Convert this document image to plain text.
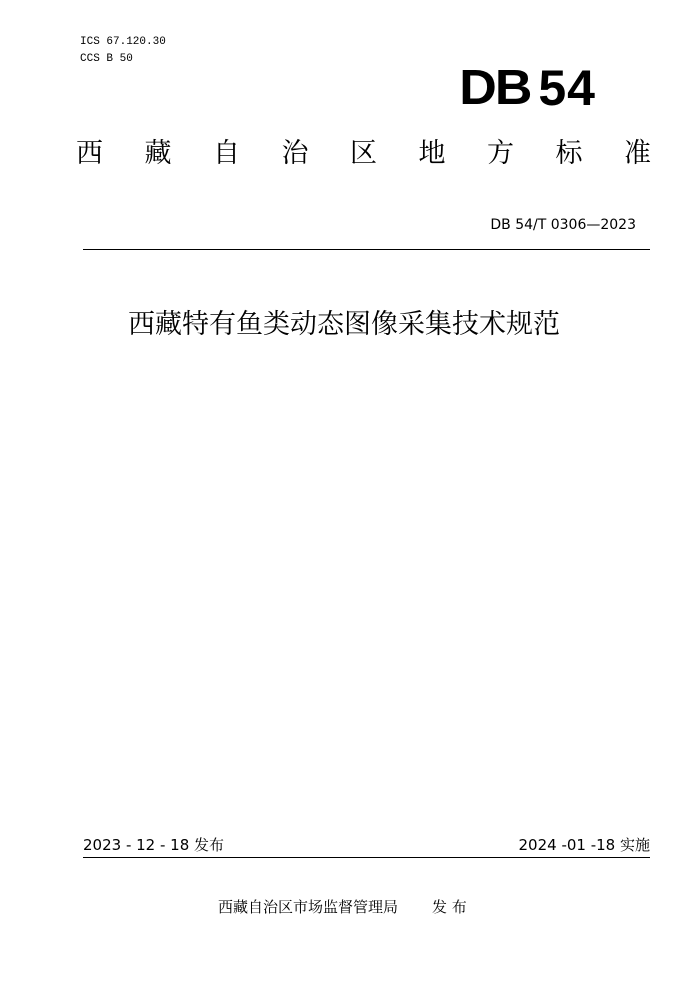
ICS 67.120.30
CCS B 50
DB 54
西 藏 自 治 区 地 方 标 准
DB 54/T 0306—2023
西藏特有鱼类动态图像采集技术规范
2023 - 12 - 18 发布	2024 -01 -18 实施
西藏自治区市场监督管理局 发 布
